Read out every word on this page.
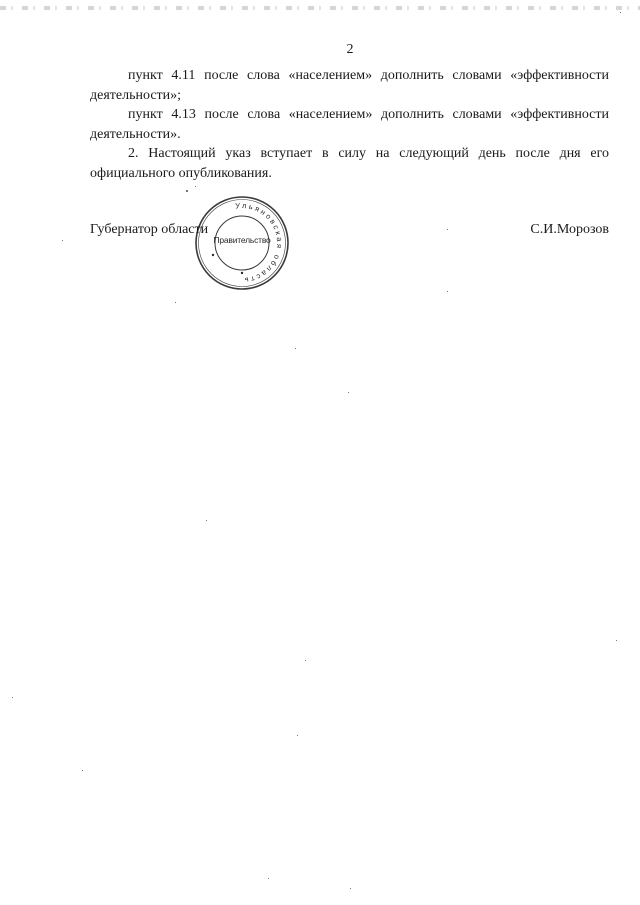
2

пункт 4.11 после слова «населением» дополнить словами «эффективности деятельности»;

пункт 4.13 после слова «населением» дополнить словами «эффективности деятельности».

2. Настоящий указ вступает в силу на следующий день после дня его официального опубликования.

Ульяновская область
Правительство
Губернатор области	С.И.Морозов
